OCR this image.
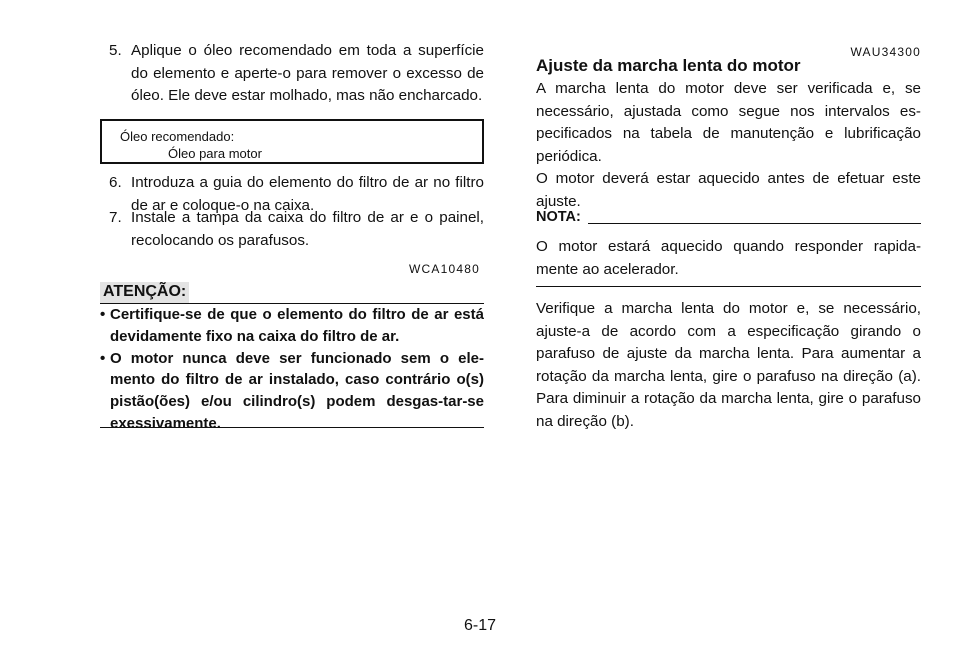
5. Aplique o óleo recomendado em toda a superfície do elemento e aperte-o para remover o excesso de óleo. Ele deve estar molhado, mas não encharcado.

Óleo recomendado:
Óleo para motor
6. Introduza a guia do elemento do filtro de ar no filtro de ar e coloque-o na caixa.

7. Instale a tampa da caixa do filtro de ar e o painel, recolocando os parafusos.

WCA10480
ATENÇÃO:
• Certifique-se de que o elemento do filtro de ar está devidamente fixo na caixa do filtro de ar.
• O motor nunca deve ser funcionado sem o ele-mento do filtro de ar instalado, caso contrário o(s) pistão(ões) e/ou cilindro(s) podem desgas-tar-se exessivamente.
WAU34300
Ajuste da marcha lenta do motor

A marcha lenta do motor deve ser verificada e, se necessário, ajustada como segue nos intervalos es-pecificados na tabela de manutenção e lubrificação periódica.

O motor deverá estar aquecido antes de efetuar este ajuste.

NOTA:

O motor estará aquecido quando responder rapida-mente ao acelerador.

Verifique a marcha lenta do motor e, se necessário, ajuste-a de acordo com a especificação girando o parafuso de ajuste da marcha lenta. Para aumentar a rotação da marcha lenta, gire o parafuso na direção (a). Para diminuir a rotação da marcha lenta, gire o parafuso na direção (b).

6-17
